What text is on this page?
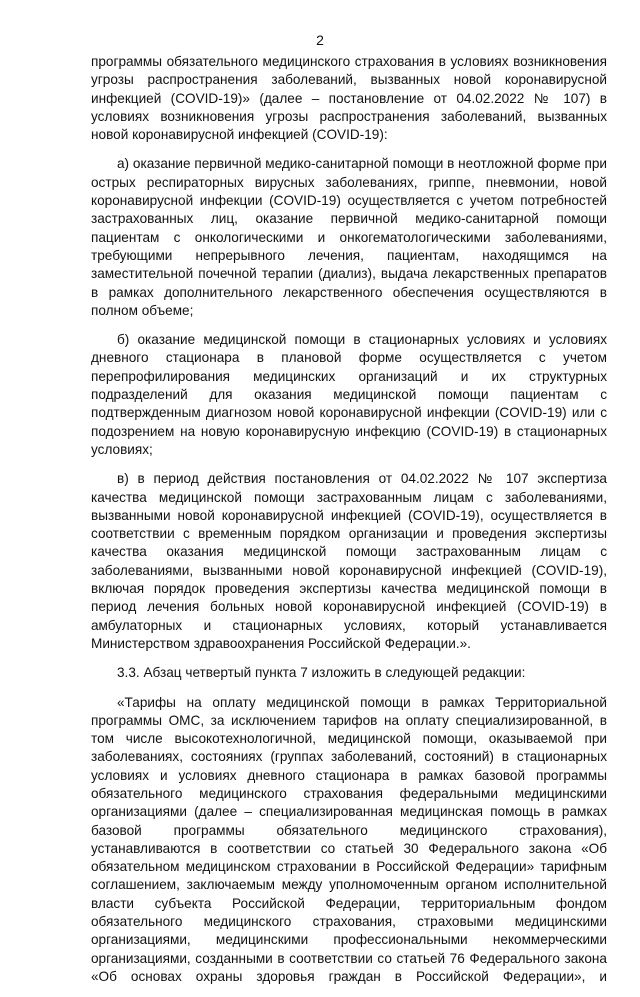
2

программы обязательного медицинского страхования в условиях возникновения угрозы распространения заболеваний, вызванных новой коронавирусной инфекцией (COVID-19)» (далее – постановление от 04.02.2022 № 107) в условиях возникновения угрозы распространения заболеваний, вызванных новой коронавирусной инфекцией (COVID-19):

а) оказание первичной медико-санитарной помощи в неотложной форме при острых респираторных вирусных заболеваниях, гриппе, пневмонии, новой коронавирусной инфекции (COVID-19) осуществляется с учетом потребностей застрахованных лиц, оказание первичной медико-санитарной помощи пациентам с онкологическими и онкогематологическими заболеваниями, требующими непрерывного лечения, пациентам, находящимся на заместительной почечной терапии (диализ), выдача лекарственных препаратов в рамках дополнительного лекарственного обеспечения осуществляются в полном объеме;

б) оказание медицинской помощи в стационарных условиях и условиях дневного стационара в плановой форме осуществляется с учетом перепрофилирования медицинских организаций и их структурных подразделений для оказания медицинской помощи пациентам с подтвержденным диагнозом новой коронавирусной инфекции (COVID-19) или с подозрением на новую коронавирусную инфекцию (COVID-19) в стационарных условиях;

в) в период действия постановления от 04.02.2022 № 107 экспертиза качества медицинской помощи застрахованным лицам с заболеваниями, вызванными новой коронавирусной инфекцией (COVID-19), осуществляется в соответствии с временным порядком организации и проведения экспертизы качества оказания медицинской помощи застрахованным лицам с заболеваниями, вызванными новой коронавирусной инфекцией (COVID-19), включая порядок проведения экспертизы качества медицинской помощи в период лечения больных новой коронавирусной инфекцией (COVID-19) в амбулаторных и стационарных условиях, который устанавливается Министерством здравоохранения Российской Федерации.».

3.3. Абзац четвертый пункта 7 изложить в следующей редакции:

«Тарифы на оплату медицинской помощи в рамках Территориальной программы ОМС, за исключением тарифов на оплату специализированной, в том числе высокотехнологичной, медицинской помощи, оказываемой при заболеваниях, состояниях (группах заболеваний, состояний) в стационарных условиях и условиях дневного стационара в рамках базовой программы обязательного медицинского страхования федеральными медицинскими организациями (далее – специализированная медицинская помощь в рамках базовой программы обязательного медицинского страхования), устанавливаются в соответствии со статьей 30 Федерального закона «Об обязательном медицинском страховании в Российской Федерации» тарифным соглашением, заключаемым между уполномоченным органом исполнительной власти субъекта Российской Федерации, территориальным фондом обязательного медицинского страхования, страховыми медицинскими организациями, медицинскими профессиональными некоммерческими организациями, созданными в соответствии со статьей 76 Федерального закона «Об основах охраны здоровья граждан в Российской Федерации», и
